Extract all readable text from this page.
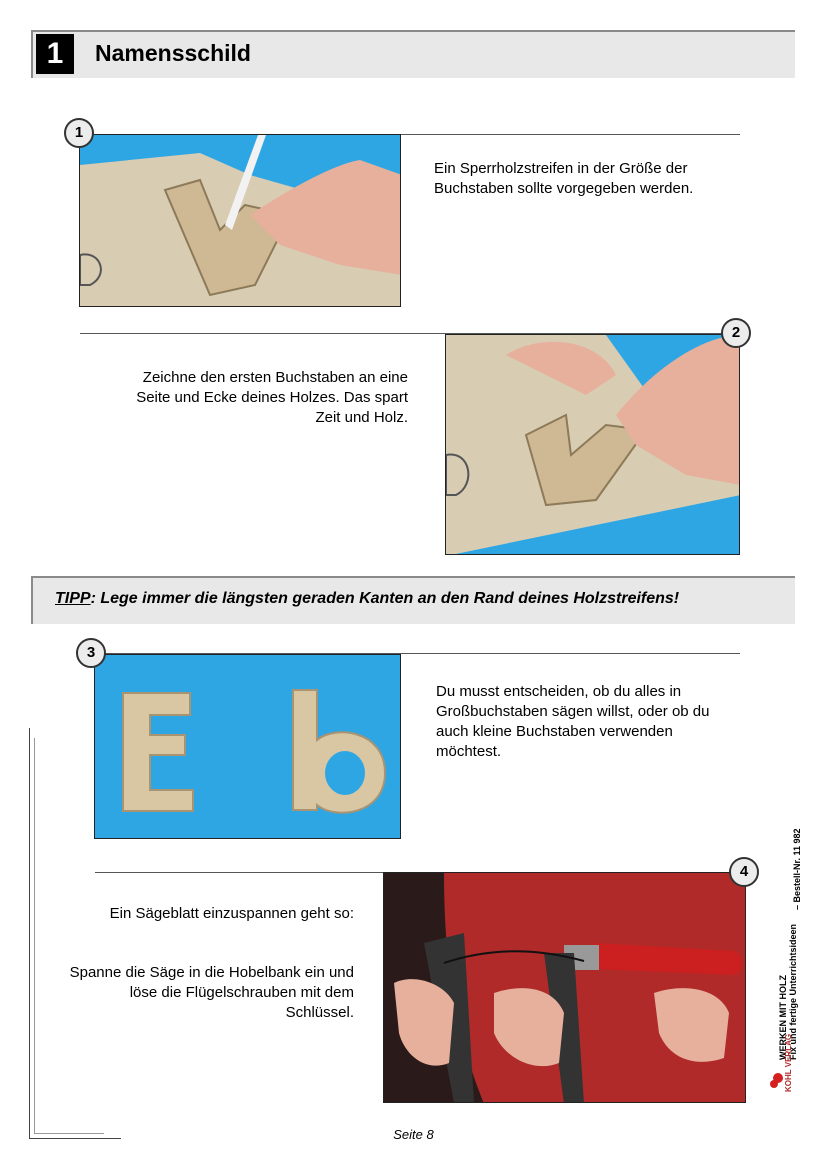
1	Namensschild
1
Ein Sperrholzstreifen in der Größe der Buchstaben sollte vorgegeben werden.
2
Zeichne den ersten Buchstaben an eine Seite und Ecke deines Holzes. Das spart Zeit und Holz.
TIPP: Lege immer die längsten geraden Kanten an den Rand deines Holzstreifens!
3
Du musst entscheiden, ob du alles in Großbuchstaben sägen willst, oder ob du auch kleine Buchstaben verwenden möchtest.
4
Ein Sägeblatt einzuspannen geht so:
Spanne die Säge in die Hobelbank ein und löse die Flügelschrauben mit dem Schlüssel.	WERKEN MIT HOLZ Fix und fertige Unterrichtsideen
– Bestell-Nr. 11 982
KOHL VERLAG
Seite 8
